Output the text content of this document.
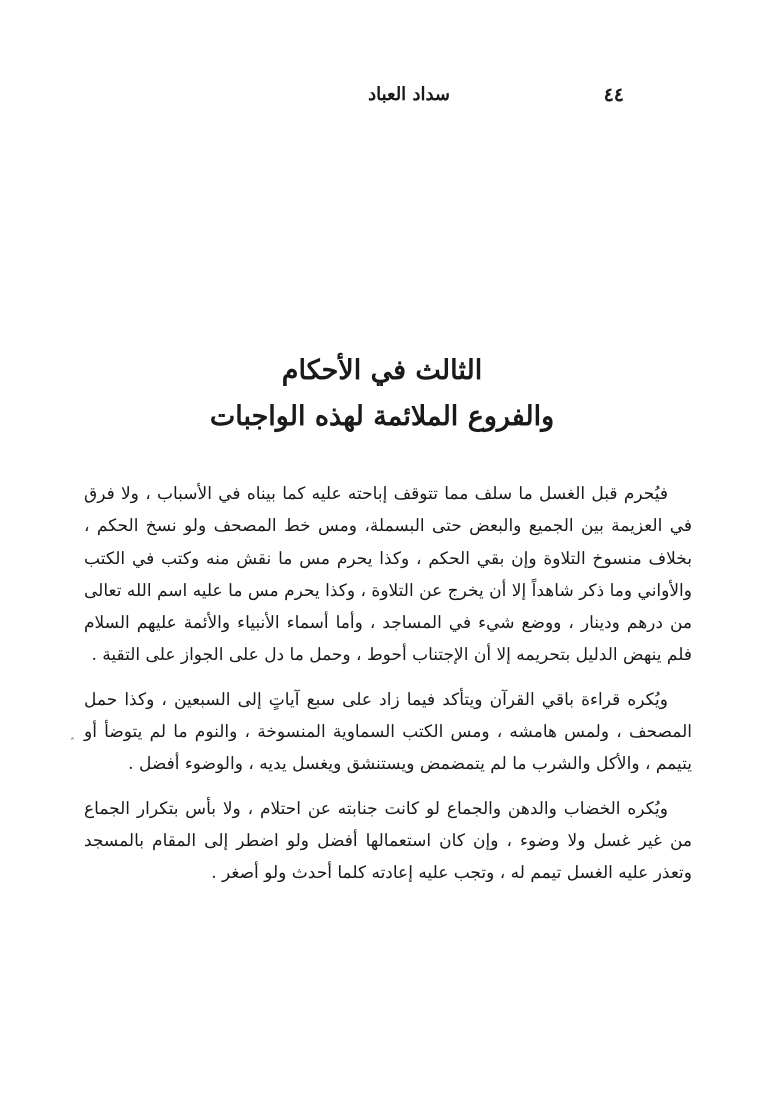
٤٤
سداد العباد
الثالث في الأحكام
والفروع الملائمة لهذه الواجبات

فيُحرم قبل الغسل ما سلف مما تتوقف إباحته عليه كما بيناه في الأسباب ، ولا فرق في العزيمة بين الجميع والبعض حتى البسملة، ومس خط المصحف ولو نسخ الحكم ، بخلاف منسوخ التلاوة وإن بقي الحكم ، وكذا يحرم مس ما نقش منه وكتب في الكتب والأواني وما ذكر شاهداً إلا أن يخرج عن التلاوة ، وكذا يحرم مس ما عليه اسم الله تعالى من درهم ودينار ، ووضع شيء في المساجد ، وأما أسماء الأنبياء والأئمة عليهم السلام فلم ينهض الدليل بتحريمه إلا أن الإجتناب أحوط ، وحمل ما دل على الجواز على التقية .

ويُكره قراءة باقي القرآن ويتأكد فيما زاد على سبع آياتٍ إلى السبعين ، وكذا حمل المصحف ، ولمس هامشه ، ومس الكتب السماوية المنسوخة ، والنوم ما لم يتوضأ أو يتيمم ، والأكل والشرب ما لم يتمضمض ويستنشق ويغسل يديه ، والوضوء أفضل .

ويُكره الخضاب والدهن والجماع لو كانت جنابته عن احتلام ، ولا بأس بتكرار الجماع من غير غسل ولا وضوء ، وإن كان استعمالها أفضل ولو اضطر إلى المقام بالمسجد وتعذر عليه الغسل تيمم له ، وتجب عليه إعادته كلما أحدث ولو أصغر .

ˆ
